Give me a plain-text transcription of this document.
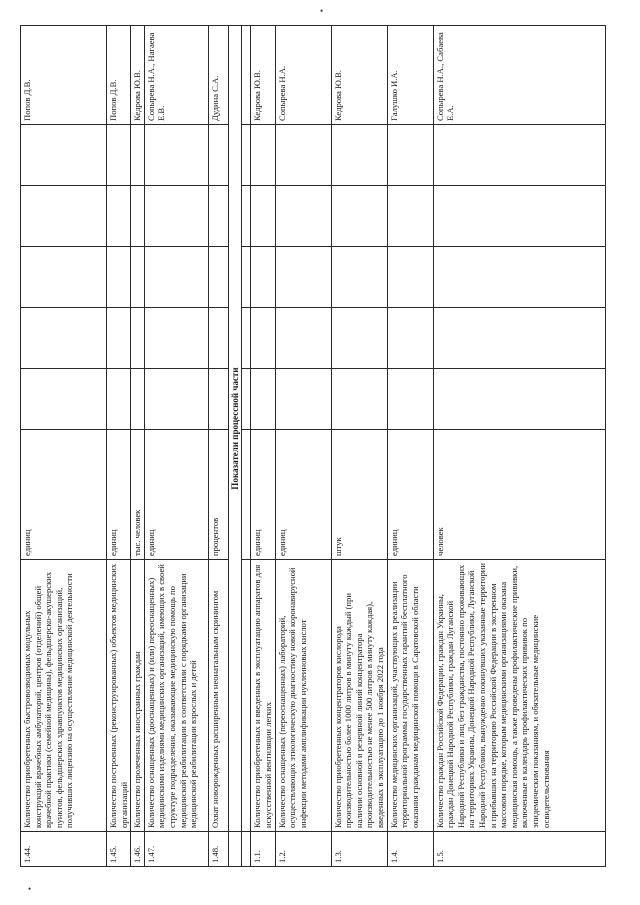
•
•
1.44.	Количество приобретенных быстровозводимых модульных конструкций врачебных амбулаторий, центров (отделений) общей врачебной практики (семейной медицины), фельдшерско-акушерских пунктов, фельдшерских здравпунктов медицинских организаций, получивших лицензию на осуществление медицинской деятельности	единиц						Попов Д.В.
1.45.	Количество построенных (реконструированных) объектов медицинских организаций	единиц						Попов Д.В.
1.46.	Количество пролеченных иностранных граждан	тыс. человек						Кедрова Ю.В.
1.47.	Количество оснащенных (дооснащенных) и (или) переоснащенных) медицинскими изделиями медицинских организаций, имеющих в своей структуре подразделения, оказывающие медицинскую помощь по медицинской реабилитации в соответствии с порядками организации медицинской реабилитации взрослых и детей	единиц						Сопырева Н.А., Нагаева Е.В.
1.48.	Охват новорожденных расширенным неонатальным скринингом	процентов						Дудина С.А.
	Показатели процессной части							

1.1.	Количество приобретенных и введенных в эксплуатацию аппаратов для искусственной вентиляции легких	единиц						Кедрова Ю.В.
1.2.	Количество оснащенных (переоснащенных) лабораторий, осуществляющих этиологическую диагностику новой коронавирусной инфекции методами амплификации нуклеиновых кислот	единиц						Сопырева Н.А.
1.3.	Количество приобретенных концентраторов кислорода производительностью более 1000 литров в минуту каждый (при наличии основной и резервной линий концентратора производительностью не менее 500 литров в минуту каждая), введенных в эксплуатацию до 1 ноября 2022 года	штук						Кедрова Ю.В.
1.4.	Количество медицинских организаций, участвующих в реализации территориальной программы государственных гарантий бесплатного оказания гражданам медицинской помощи в Саратовской области	единиц						Галушко И.А.
1.5.	Количество граждан Российской Федерации, граждан Украины, граждан Донецкой Народной Республики, граждан Луганской Народной Республики и лиц без гражданства, постоянно проживающих на территориях Украины, Донецкой Народной Республики, Луганской Народной Республики, вынужденно покинувших указанные территории и прибывших на территорию Российской Федерации в экстренном массовом порядке, которым медицинскими организациями оказана медицинская помощь, а также проведены профилактические прививки, включенные в календарь профилактических прививок по эпидемическим показаниям, и обязательные медицинские освидетельствования	человек						Сопырева Н.А., Сабаева Е.А.
